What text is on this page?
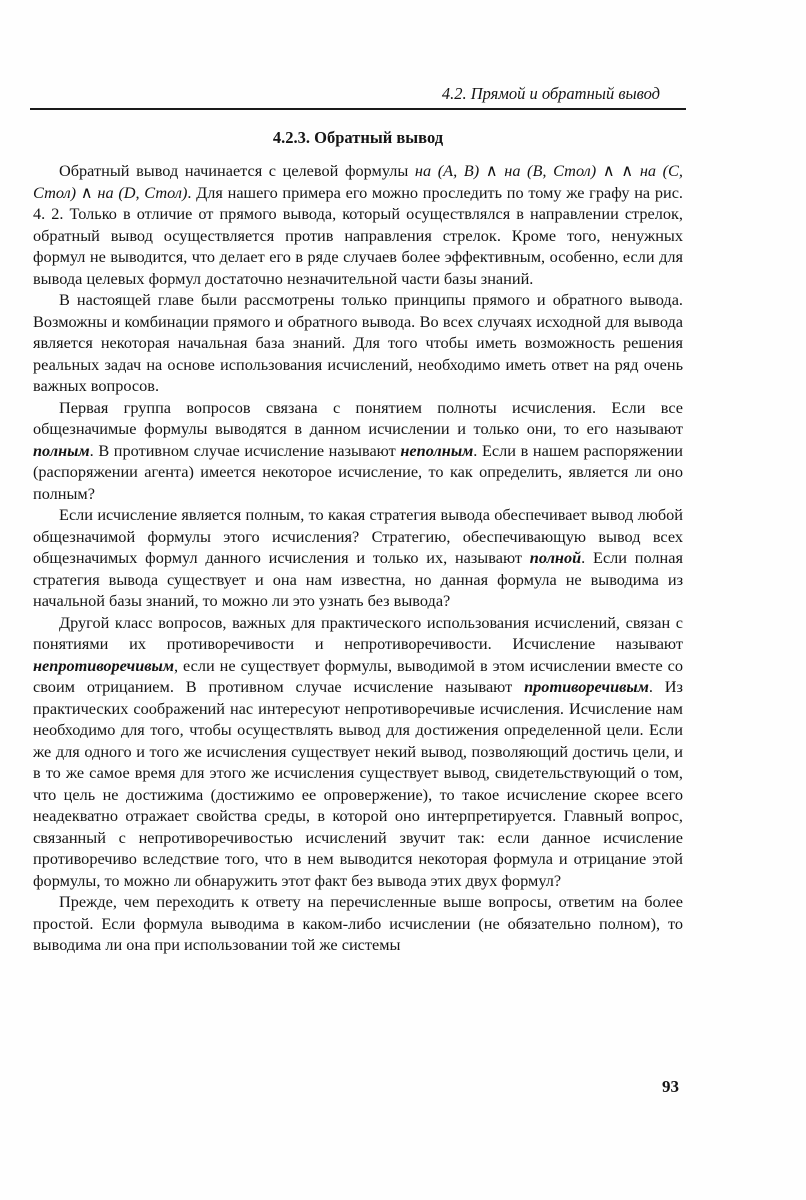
4.2. Прямой и обратный вывод
4.2.3. Обратный вывод

Обратный вывод начинается с целевой формулы на (A, B) ∧ на (B, Стол) ∧ ∧ на (C, Стол) ∧ на (D, Стол). Для нашего примера его можно проследить по тому же графу на рис. 4. 2. Только в отличие от прямого вывода, который осуществлялся в направлении стрелок, обратный вывод осуществляется против направления стрелок. Кроме того, ненужных формул не выводится, что делает его в ряде случаев более эффективным, особенно, если для вывода целевых формул достаточно незначительной части базы знаний.

В настоящей главе были рассмотрены только принципы прямого и обратного вывода. Возможны и комбинации прямого и обратного вывода. Во всех случаях исходной для вывода является некоторая начальная база знаний. Для того чтобы иметь возможность решения реальных задач на основе использования исчислений, необходимо иметь ответ на ряд очень важных вопросов.

Первая группа вопросов связана с понятием полноты исчисления. Если все общезначимые формулы выводятся в данном исчислении и только они, то его называют полным. В противном случае исчисление называют неполным. Если в нашем распоряжении (распоряжении агента) имеется некоторое исчисление, то как определить, является ли оно полным?

Если исчисление является полным, то какая стратегия вывода обеспечивает вывод любой общезначимой формулы этого исчисления? Стратегию, обеспечивающую вывод всех общезначимых формул данного исчисления и только их, называют полной. Если полная стратегия вывода существует и она нам известна, но данная формула не выводима из начальной базы знаний, то можно ли это узнать без вывода?

Другой класс вопросов, важных для практического использования исчислений, связан с понятиями их противоречивости и непротиворечивости. Исчисление называют непротиворечивым, если не существует формулы, выводимой в этом исчислении вместе со своим отрицанием. В противном случае исчисление называют противоречивым. Из практических соображений нас интересуют непротиворечивые исчисления. Исчисление нам необходимо для того, чтобы осуществлять вывод для достижения определенной цели. Если же для одного и того же исчисления существует некий вывод, позволяющий достичь цели, и в то же самое время для этого же исчисления существует вывод, свидетельствующий о том, что цель не достижима (достижимо ее опровержение), то такое исчисление скорее всего неадекватно отражает свойства среды, в которой оно интерпретируется. Главный вопрос, связанный с непротиворечивостью исчислений звучит так: если данное исчисление противоречиво вследствие того, что в нем выводится некоторая формула и отрицание этой формулы, то можно ли обнаружить этот факт без вывода этих двух формул?

Прежде, чем переходить к ответу на перечисленные выше вопросы, ответим на более простой. Если формула выводима в каком-либо исчислении (не обязательно полном), то выводима ли она при использовании той же системы

93
